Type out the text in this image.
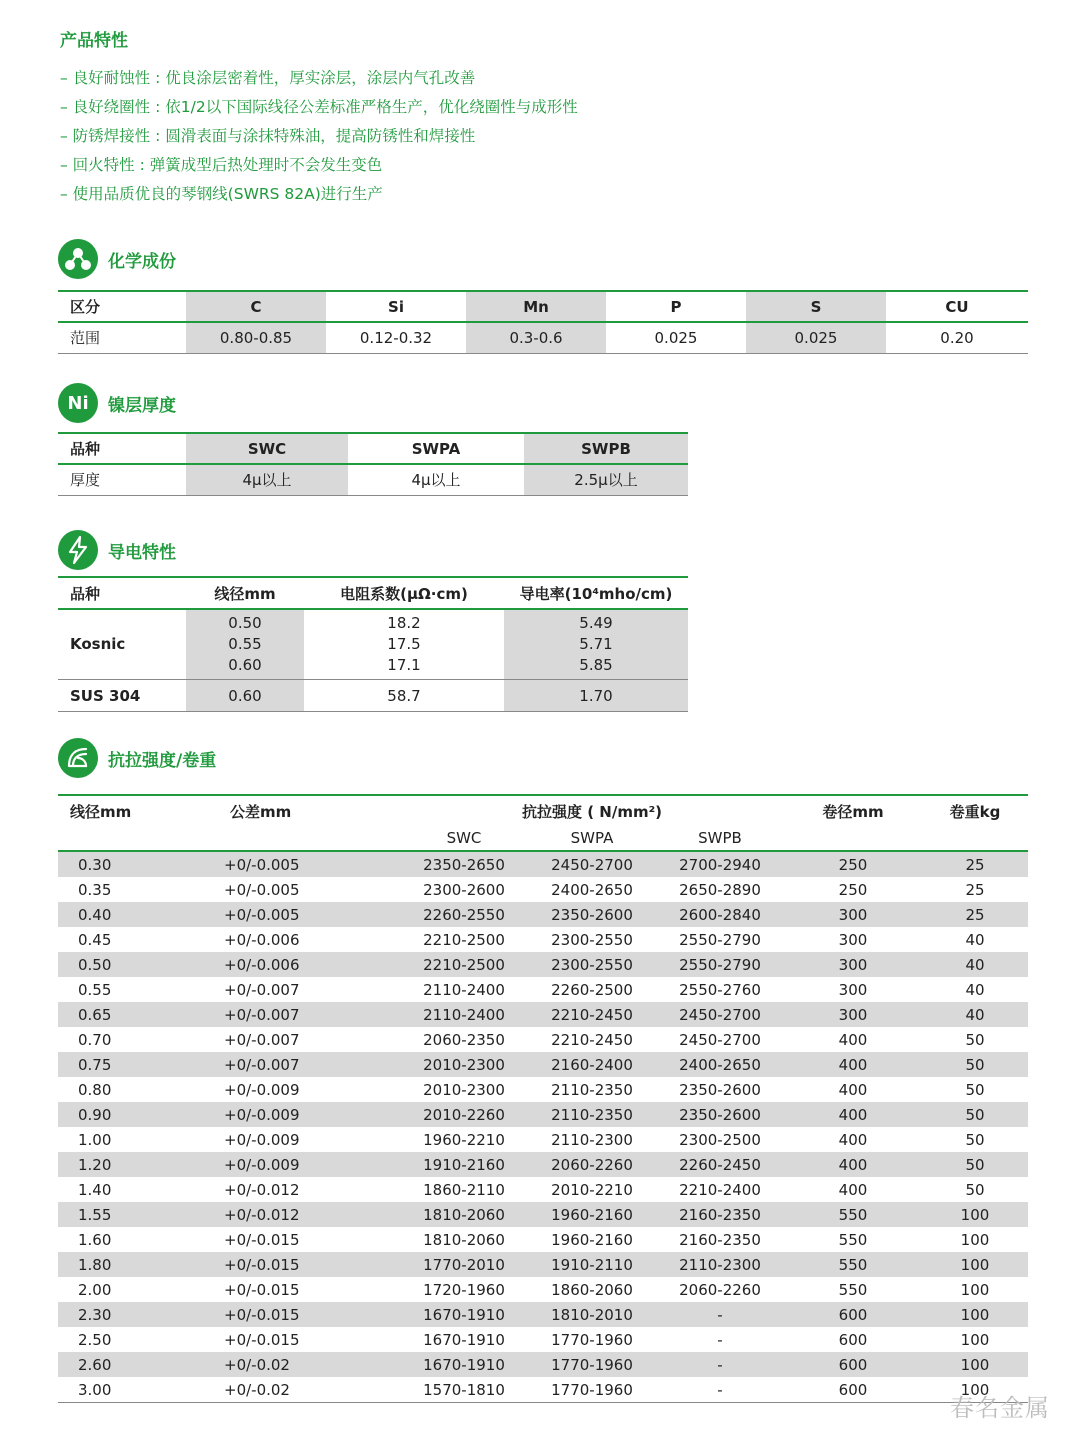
产品特性
– 良好耐蚀性 : 优良涂层密着性，厚实涂层，涂层内气孔改善
– 良好绕圈性 : 依1/2以下国际线径公差标准严格生产，优化绕圈性与成形性
– 防锈焊接性 : 圆滑表面与涂抹特殊油，提高防锈性和焊接性
– 回火特性 : 弹簧成型后热处理时不会发生变色
– 使用品质优良的琴钢线(SWRS 82A)进行生产
化学成份
区分	C	Si	Mn	P	S	CU
范围	0.80-0.85	0.12-0.32	0.3-0.6	0.025	0.025	0.20
Ni	镍层厚度
品种	SWC	SWPA	SWPB
厚度	4μ以上	4μ以上	2.5μ以上
导电特性
品种	线径mm	电阻系数(μΩ·cm)	导电率(10⁴mho/cm)
Kosnic	0.50	18.2	5.49
	0.55	17.5	5.71
	0.60	17.1	5.85
SUS 304	0.60	58.7	1.70
抗拉强度/卷重
线径mm	公差mm	抗拉强度 ( N/mm²)			卷径mm	卷重kg
		SWC	SWPA	SWPB		
0.30	+0/-0.005	2350-2650	2450-2700	2700-2940	250	25
0.35	+0/-0.005	2300-2600	2400-2650	2650-2890	250	25
0.40	+0/-0.005	2260-2550	2350-2600	2600-2840	300	25
0.45	+0/-0.006	2210-2500	2300-2550	2550-2790	300	40
0.50	+0/-0.006	2210-2500	2300-2550	2550-2790	300	40
0.55	+0/-0.007	2110-2400	2260-2500	2550-2760	300	40
0.65	+0/-0.007	2110-2400	2210-2450	2450-2700	300	40
0.70	+0/-0.007	2060-2350	2210-2450	2450-2700	400	50
0.75	+0/-0.007	2010-2300	2160-2400	2400-2650	400	50
0.80	+0/-0.009	2010-2300	2110-2350	2350-2600	400	50
0.90	+0/-0.009	2010-2260	2110-2350	2350-2600	400	50
1.00	+0/-0.009	1960-2210	2110-2300	2300-2500	400	50
1.20	+0/-0.009	1910-2160	2060-2260	2260-2450	400	50
1.40	+0/-0.012	1860-2110	2010-2210	2210-2400	400	50
1.55	+0/-0.012	1810-2060	1960-2160	2160-2350	550	100
1.60	+0/-0.015	1810-2060	1960-2160	2160-2350	550	100
1.80	+0/-0.015	1770-2010	1910-2110	2110-2300	550	100
2.00	+0/-0.015	1720-1960	1860-2060	2060-2260	550	100
2.30	+0/-0.015	1670-1910	1810-2010	-	600	100
2.50	+0/-0.015	1670-1910	1770-1960	-	600	100
2.60	+0/-0.02	1670-1910	1770-1960	-	600	100
3.00	+0/-0.02	1570-1810	1770-1960	-	600	100
春名金属
